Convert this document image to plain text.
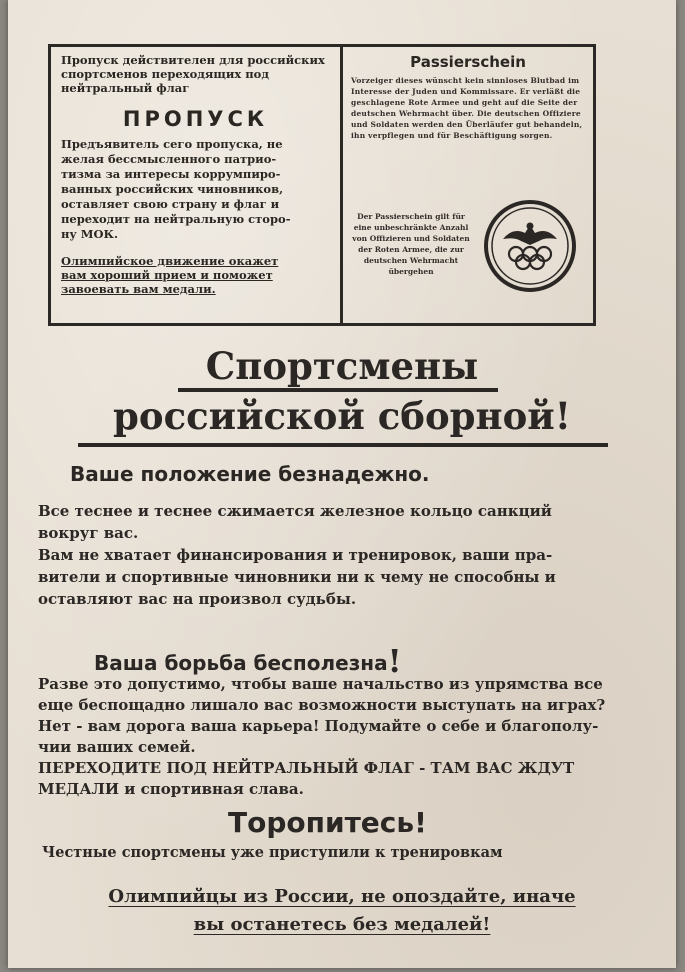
Пропуск действителен для российских
спортсменов переходящих под
нейтральный флаг

ПРОПУСК

Предъявитель сего пропуска, не
желая бессмысленного патрио-
тизма за интересы коррумпиро-
ванных российских чиновников,
оставляет свою страну и флаг и
переходит на нейтральную сторо-
ну МОК.

Олимпийское движение окажет
вам хороший прием и поможет
завоевать вам медали.

Passierschein

Vorzeiger dieses wünscht kein sinnloses Blutbad im Interesse der Juden und Kommissare. Er verläßt die geschlagene Rote Armee und geht auf die Seite der deutschen Wehrmacht über. Die deutschen Offiziere und Soldaten werden den Überläufer gut behandeln, ihn verpflegen und für Beschäftigung sorgen.

Der Passierschein gilt für eine unbeschränkte Anzahl von Offizieren und Soldaten der Roten Armee, die zur deutschen Wehrmacht übergehen

Спортсмены
российской сборной!
Ваше положение безнадежно.

Все теснее и теснее сжимается железное кольцо санкций
вокруг вас.
Вам не хватает финансирования и тренировок, ваши пра-
вители и спортивные чиновники ни к чему не способны и
оставляют вас на произвол судьбы.

Ваша борьба бесполезна!

Разве это допустимо, чтобы ваше начальство из упрямства все
еще беспощадно лишало вас возможности выступать на играх?
Нет - вам дорога ваша карьера! Подумайте о себе и благополу-
чии ваших семей.
ПЕРЕХОДИТЕ ПОД НЕЙТРАЛЬНЫЙ ФЛАГ - ТАМ ВАС ЖДУТ
МЕДАЛИ и спортивная слава.

Торопитесь!

Честные спортсмены уже приступили к тренировкам

Олимпийцы из России, не опоздайте, иначе

вы останетесь без медалей!
